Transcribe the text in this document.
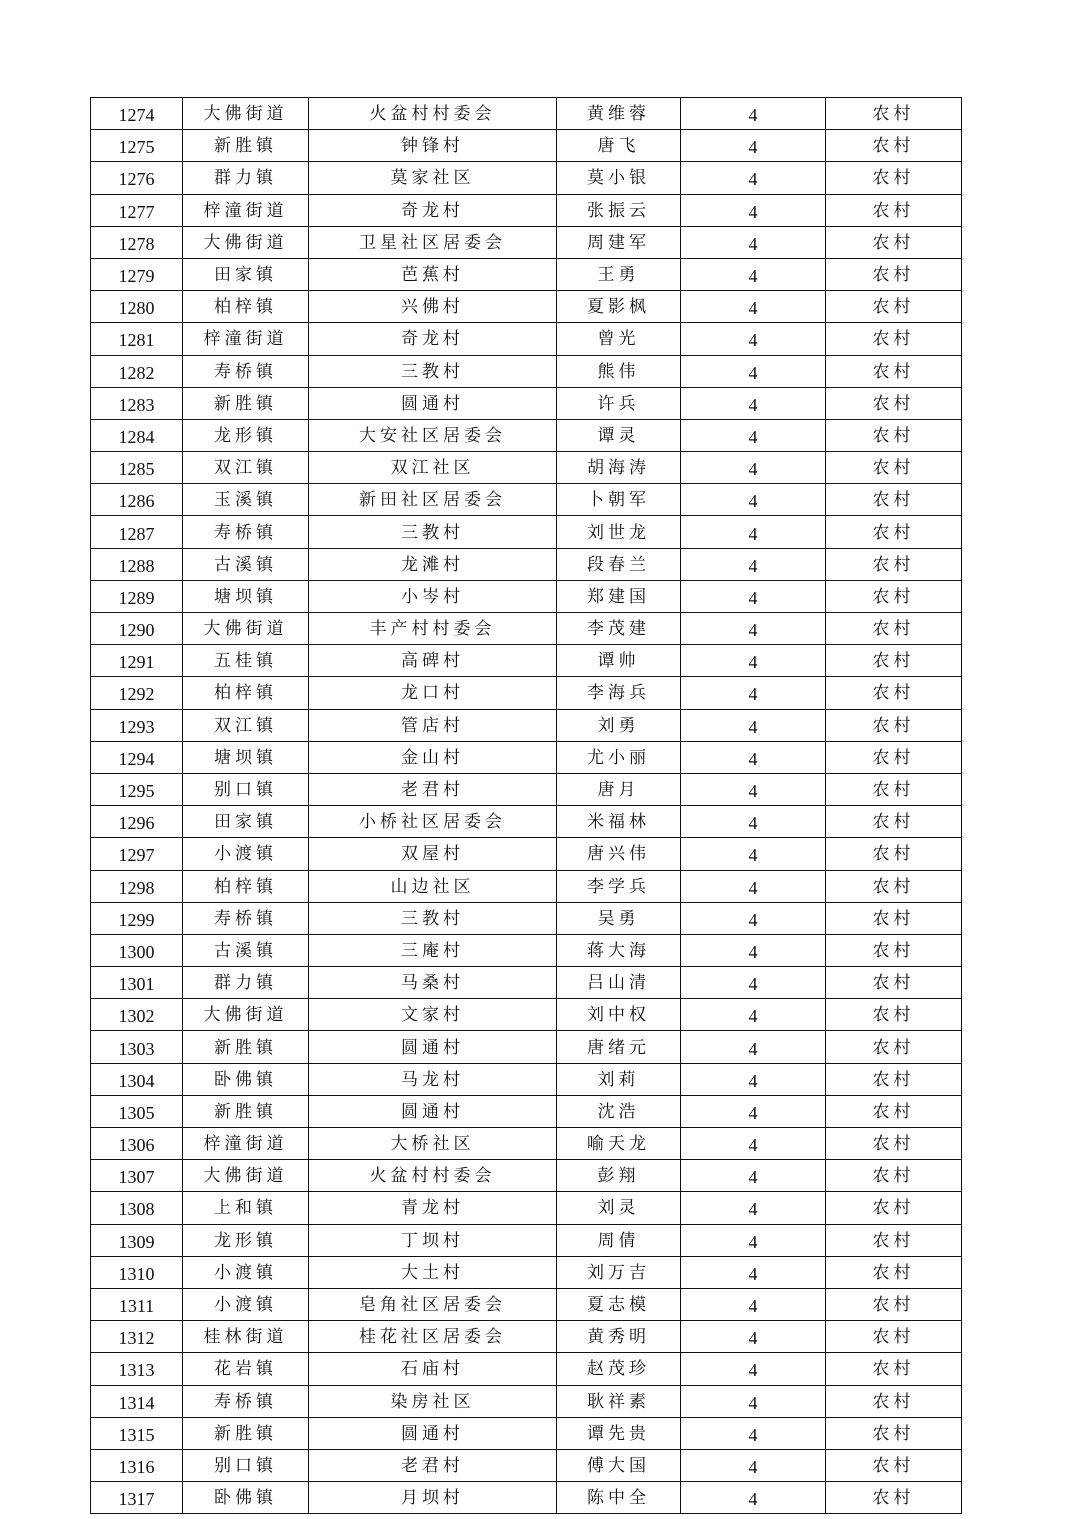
1274	大佛街道	火盆村村委会	黄维蓉	4	农村
1275	新胜镇	钟锋村	唐飞	4	农村
1276	群力镇	莫家社区	莫小银	4	农村
1277	梓潼街道	奇龙村	张振云	4	农村
1278	大佛街道	卫星社区居委会	周建军	4	农村
1279	田家镇	芭蕉村	王勇	4	农村
1280	柏梓镇	兴佛村	夏影枫	4	农村
1281	梓潼街道	奇龙村	曾光	4	农村
1282	寿桥镇	三教村	熊伟	4	农村
1283	新胜镇	圆通村	许兵	4	农村
1284	龙形镇	大安社区居委会	谭灵	4	农村
1285	双江镇	双江社区	胡海涛	4	农村
1286	玉溪镇	新田社区居委会	卜朝军	4	农村
1287	寿桥镇	三教村	刘世龙	4	农村
1288	古溪镇	龙滩村	段春兰	4	农村
1289	塘坝镇	小岑村	郑建国	4	农村
1290	大佛街道	丰产村村委会	李茂建	4	农村
1291	五桂镇	高碑村	谭帅	4	农村
1292	柏梓镇	龙口村	李海兵	4	农村
1293	双江镇	管店村	刘勇	4	农村
1294	塘坝镇	金山村	尤小丽	4	农村
1295	别口镇	老君村	唐月	4	农村
1296	田家镇	小桥社区居委会	米福林	4	农村
1297	小渡镇	双屋村	唐兴伟	4	农村
1298	柏梓镇	山边社区	李学兵	4	农村
1299	寿桥镇	三教村	吴勇	4	农村
1300	古溪镇	三庵村	蒋大海	4	农村
1301	群力镇	马桑村	吕山清	4	农村
1302	大佛街道	文家村	刘中权	4	农村
1303	新胜镇	圆通村	唐绪元	4	农村
1304	卧佛镇	马龙村	刘莉	4	农村
1305	新胜镇	圆通村	沈浩	4	农村
1306	梓潼街道	大桥社区	喻天龙	4	农村
1307	大佛街道	火盆村村委会	彭翔	4	农村
1308	上和镇	青龙村	刘灵	4	农村
1309	龙形镇	丁坝村	周倩	4	农村
1310	小渡镇	大土村	刘万吉	4	农村
1311	小渡镇	皂角社区居委会	夏志模	4	农村
1312	桂林街道	桂花社区居委会	黄秀明	4	农村
1313	花岩镇	石庙村	赵茂珍	4	农村
1314	寿桥镇	染房社区	耿祥素	4	农村
1315	新胜镇	圆通村	谭先贵	4	农村
1316	别口镇	老君村	傅大国	4	农村
1317	卧佛镇	月坝村	陈中全	4	农村
